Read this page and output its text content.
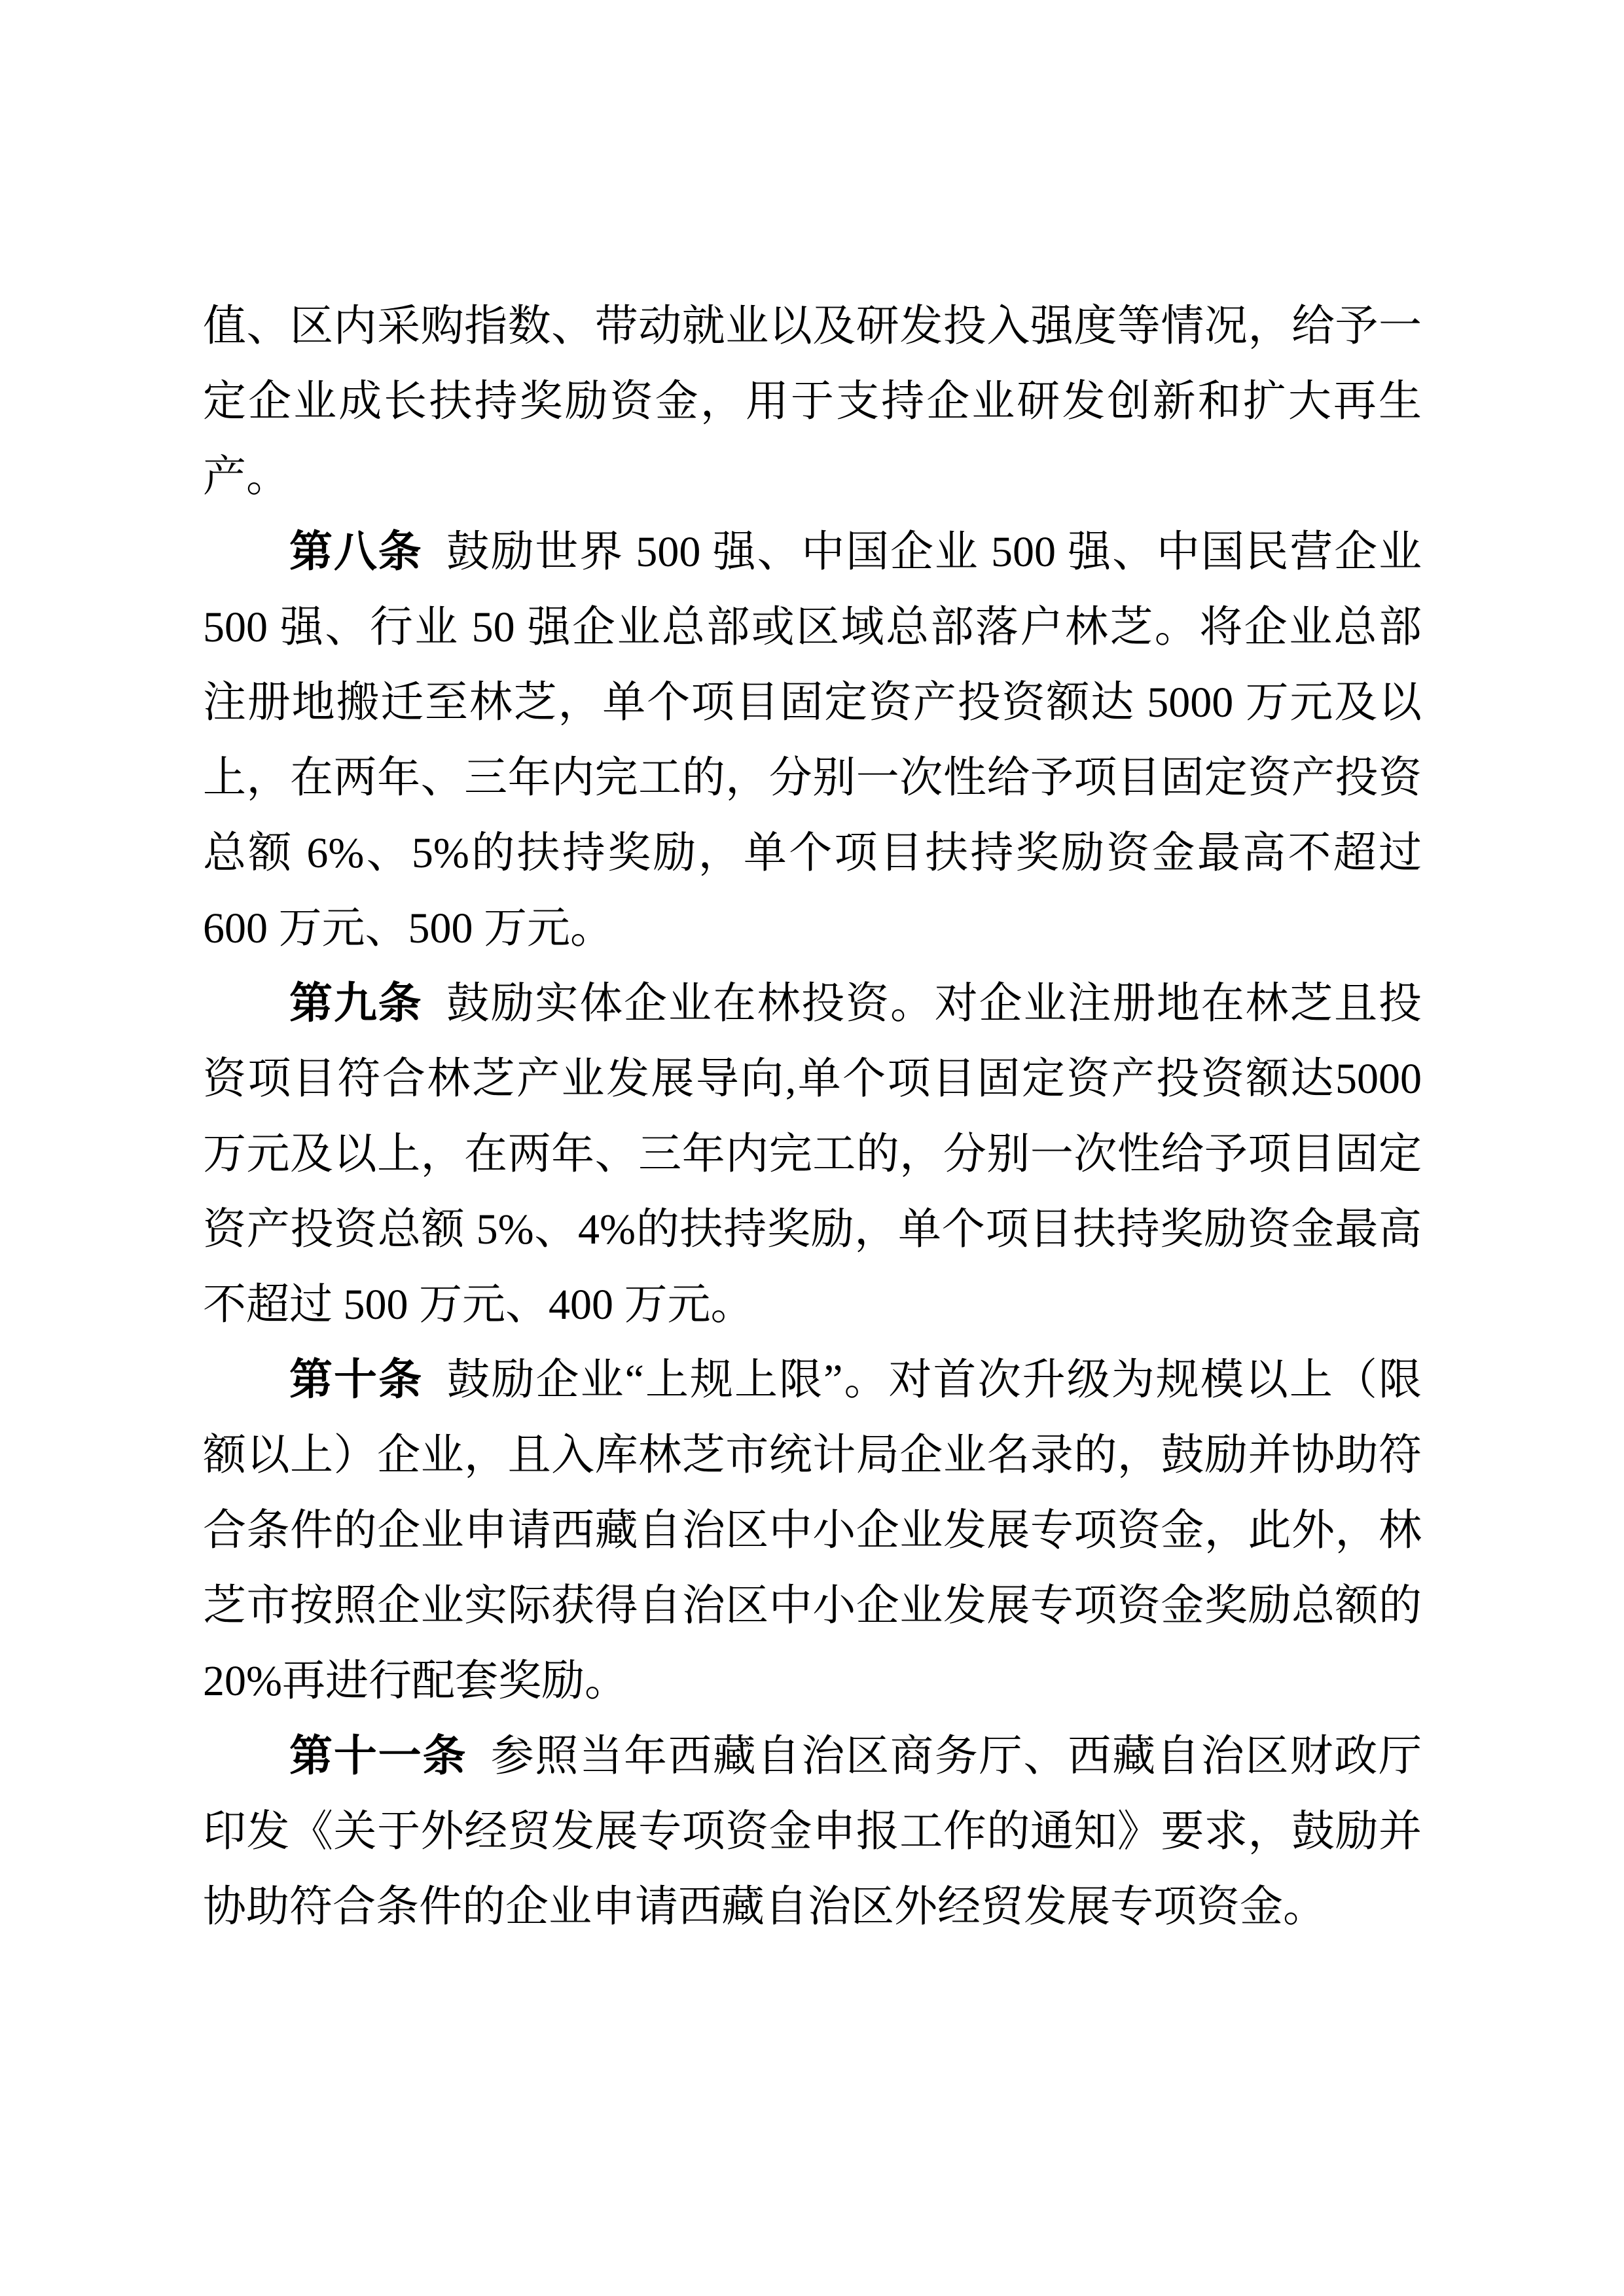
值、区内采购指数、带动就业以及研发投入强度等情况，给予一定企业成长扶持奖励资金，用于支持企业研发创新和扩大再生产。

第八条 鼓励世界 500 强、中国企业 500 强、中国民营企业 500 强、行业 50 强企业总部或区域总部落户林芝。将企业总部注册地搬迁至林芝，单个项目固定资产投资额达 5000 万元及以上，在两年、三年内完工的，分别一次性给予项目固定资产投资总额 6%、5%的扶持奖励，单个项目扶持奖励资金最高不超过 600 万元、500 万元。

第九条 鼓励实体企业在林投资。对企业注册地在林芝且投资项目符合林芝产业发展导向,单个项目固定资产投资额达5000万元及以上，在两年、三年内完工的，分别一次性给予项目固定资产投资总额 5%、4%的扶持奖励，单个项目扶持奖励资金最高不超过 500 万元、400 万元。

第十条 鼓励企业“上规上限”。对首次升级为规模以上（限额以上）企业，且入库林芝市统计局企业名录的，鼓励并协助符合条件的企业申请西藏自治区中小企业发展专项资金，此外，林芝市按照企业实际获得自治区中小企业发展专项资金奖励总额的 20%再进行配套奖励。

第十一条 参照当年西藏自治区商务厅、西藏自治区财政厅印发《关于外经贸发展专项资金申报工作的通知》要求，鼓励并协助符合条件的企业申请西藏自治区外经贸发展专项资金。
